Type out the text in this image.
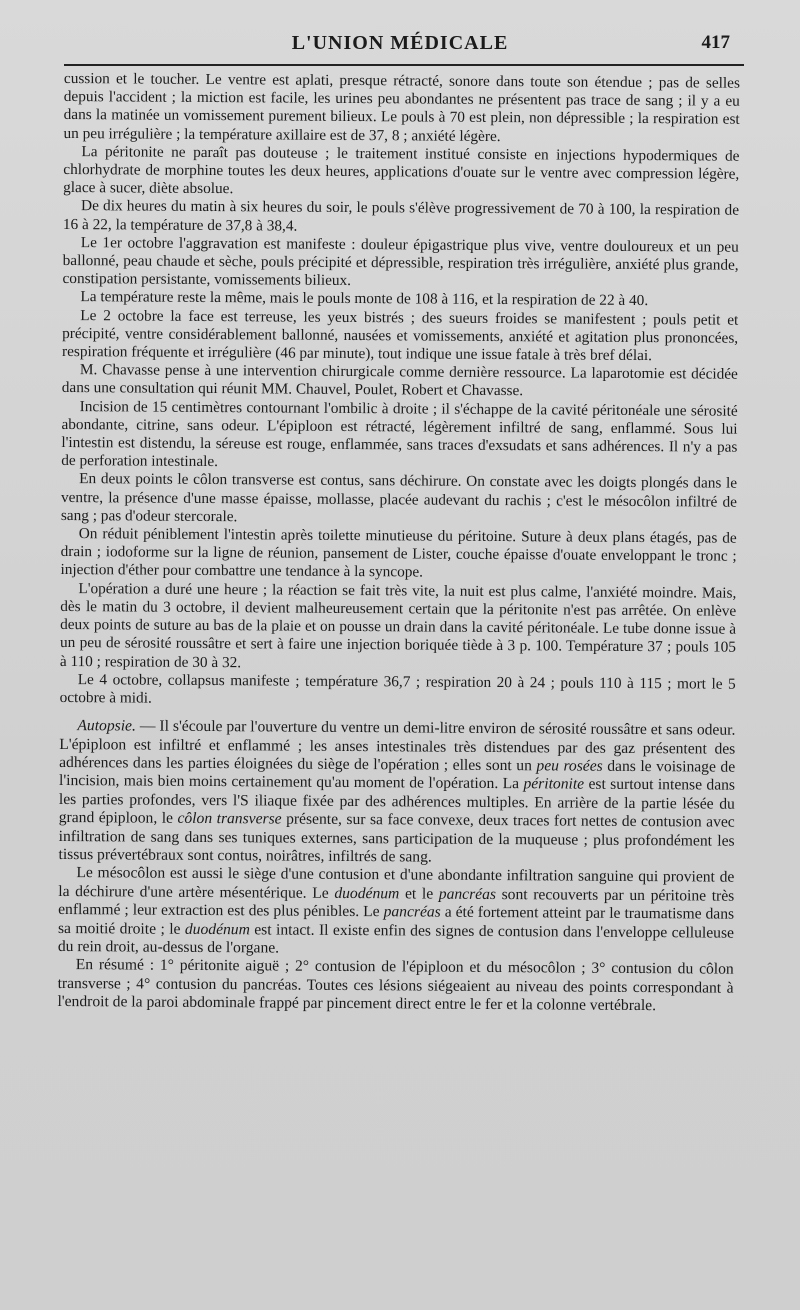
L'UNION MÉDICALE	417

cussion et le toucher. Le ventre est aplati, presque rétracté, sonore dans toute son étendue ; pas de selles depuis l'accident ; la miction est facile, les urines peu abondantes ne présentent pas trace de sang ; il y a eu dans la matinée un vomissement purement bilieux. Le pouls à 70 est plein, non dépressible ; la respiration est un peu irrégulière ; la température axillaire est de 37, 8 ; anxiété légère.

La péritonite ne paraît pas douteuse ; le traitement institué consiste en injections hypodermiques de chlorhydrate de morphine toutes les deux heures, applications d'ouate sur le ventre avec compression légère, glace à sucer, diète absolue.

De dix heures du matin à six heures du soir, le pouls s'élève progressivement de 70 à 100, la respiration de 16 à 22, la température de 37,8 à 38,4.

Le 1er octobre l'aggravation est manifeste : douleur épigastrique plus vive, ventre douloureux et un peu ballonné, peau chaude et sèche, pouls précipité et dépressible, respiration très irrégulière, anxiété plus grande, constipation persistante, vomissements bilieux.

La température reste la même, mais le pouls monte de 108 à 116, et la respiration de 22 à 40.

Le 2 octobre la face est terreuse, les yeux bistrés ; des sueurs froides se manifestent ; pouls petit et précipité, ventre considérablement ballonné, nausées et vomissements, anxiété et agitation plus prononcées, respiration fréquente et irrégulière (46 par minute), tout indique une issue fatale à très bref délai.

M. Chavasse pense à une intervention chirurgicale comme dernière ressource. La laparotomie est décidée dans une consultation qui réunit MM. Chauvel, Poulet, Robert et Chavasse.

Incision de 15 centimètres contournant l'ombilic à droite ; il s'échappe de la cavité péritonéale une sérosité abondante, citrine, sans odeur. L'épiploon est rétracté, légèrement infiltré de sang, enflammé. Sous lui l'intestin est distendu, la séreuse est rouge, enflammée, sans traces d'exsudats et sans adhérences. Il n'y a pas de perforation intestinale.

En deux points le côlon transverse est contus, sans déchirure. On constate avec les doigts plongés dans le ventre, la présence d'une masse épaisse, mollasse, placée audevant du rachis ; c'est le mésocôlon infiltré de sang ; pas d'odeur stercorale.

On réduit péniblement l'intestin après toilette minutieuse du péritoine. Suture à deux plans étagés, pas de drain ; iodoforme sur la ligne de réunion, pansement de Lister, couche épaisse d'ouate enveloppant le tronc ; injection d'éther pour combattre une tendance à la syncope.

L'opération a duré une heure ; la réaction se fait très vite, la nuit est plus calme, l'anxiété moindre. Mais, dès le matin du 3 octobre, il devient malheureusement certain que la péritonite n'est pas arrêtée. On enlève deux points de suture au bas de la plaie et on pousse un drain dans la cavité péritonéale. Le tube donne issue à un peu de sérosité roussâtre et sert à faire une injection boriquée tiède à 3 p. 100. Température 37 ; pouls 105 à 110 ; respiration de 30 à 32.

Le 4 octobre, collapsus manifeste ; température 36,7 ; respiration 20 à 24 ; pouls 110 à 115 ; mort le 5 octobre à midi.

Autopsie. — Il s'écoule par l'ouverture du ventre un demi-litre environ de sérosité roussâtre et sans odeur. L'épiploon est infiltré et enflammé ; les anses intestinales très distendues par des gaz présentent des adhérences dans les parties éloignées du siège de l'opération ; elles sont un peu rosées dans le voisinage de l'incision, mais bien moins certainement qu'au moment de l'opération. La péritonite est surtout intense dans les parties profondes, vers l'S iliaque fixée par des adhérences multiples. En arrière de la partie lésée du grand épiploon, le côlon transverse présente, sur sa face convexe, deux traces fort nettes de contusion avec infiltration de sang dans ses tuniques externes, sans participation de la muqueuse ; plus profondément les tissus prévertébraux sont contus, noirâtres, infiltrés de sang.

Le mésocôlon est aussi le siège d'une contusion et d'une abondante infiltration sanguine qui provient de la déchirure d'une artère mésentérique. Le duodénum et le pancréas sont recouverts par un péritoine très enflammé ; leur extraction est des plus pénibles. Le pancréas a été fortement atteint par le traumatisme dans sa moitié droite ; le duodénum est intact. Il existe enfin des signes de contusion dans l'enveloppe celluleuse du rein droit, au-dessus de l'organe.

En résumé : 1° péritonite aiguë ; 2° contusion de l'épiploon et du mésocôlon ; 3° contusion du côlon transverse ; 4° contusion du pancréas. Toutes ces lésions siégeaient au niveau des points correspondant à l'endroit de la paroi abdominale frappé par pincement direct entre le fer et la colonne vertébrale.
